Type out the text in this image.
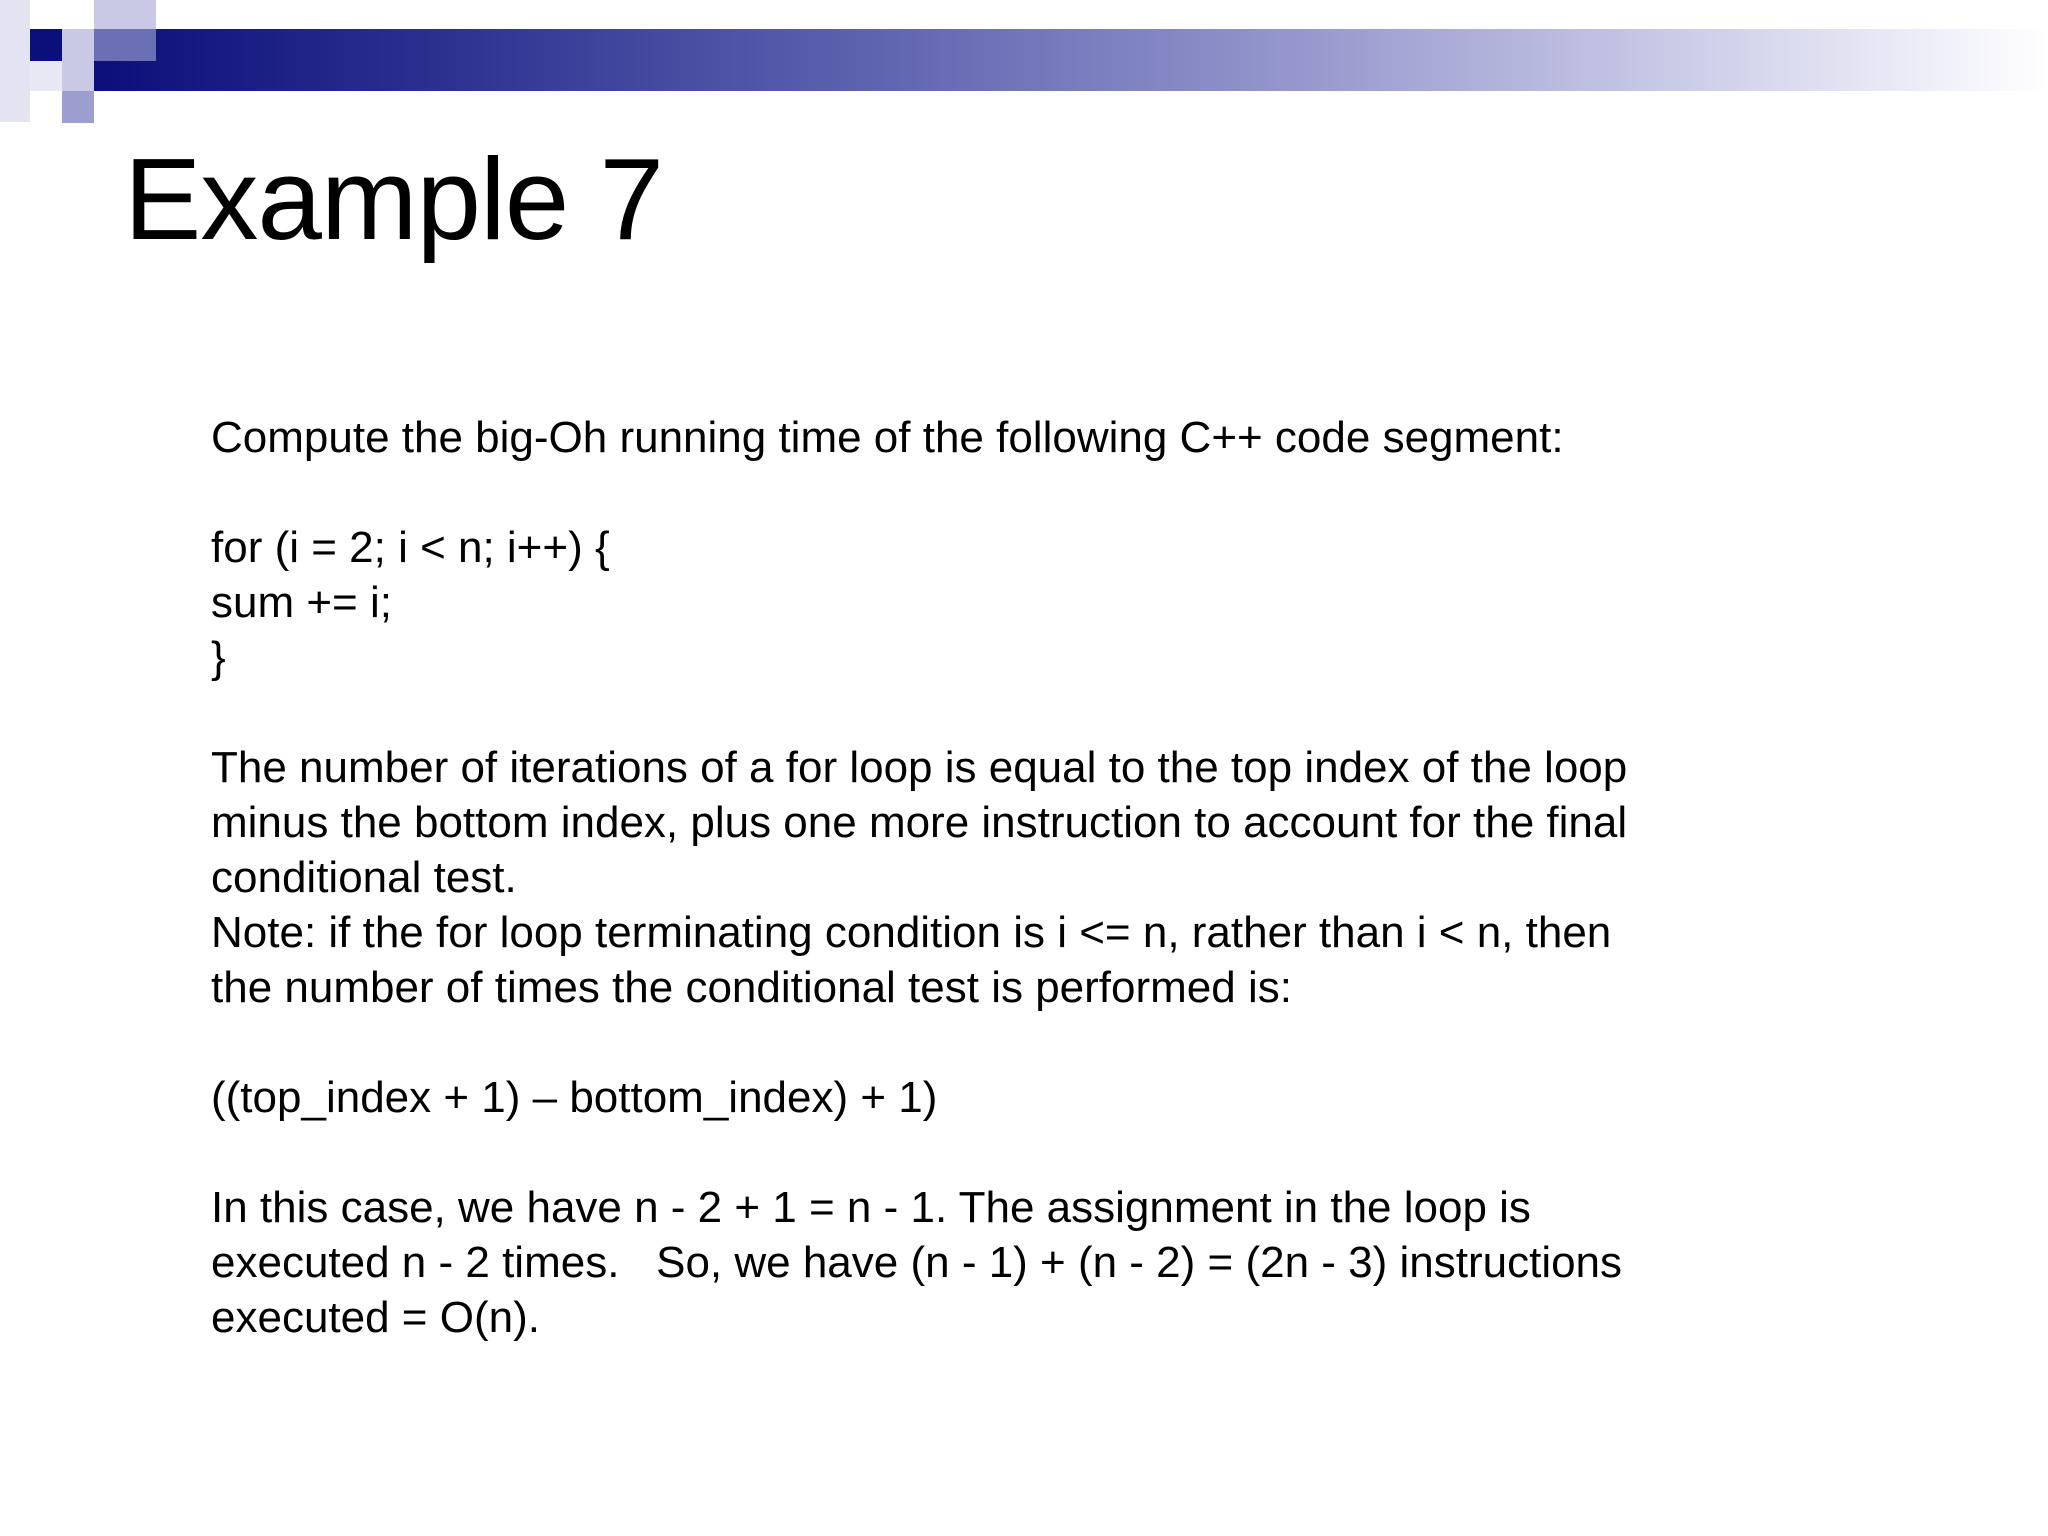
Example 7
Compute the big-Oh running time of the following C++ code segment:
for (i = 2; i < n; i++) {
sum += i;
}
The number of iterations of a for loop is equal to the top index of the loop
minus the bottom index, plus one more instruction to account for the final
conditional test.
Note: if the for loop terminating condition is i <= n, rather than i < n, then
the number of times the conditional test is performed is:
((top_index + 1) – bottom_index) + 1)
In this case, we have n - 2 + 1 = n - 1. The assignment in the loop is
executed n - 2 times.   So, we have (n - 1) + (n - 2) = (2n - 3) instructions
executed = O(n).
